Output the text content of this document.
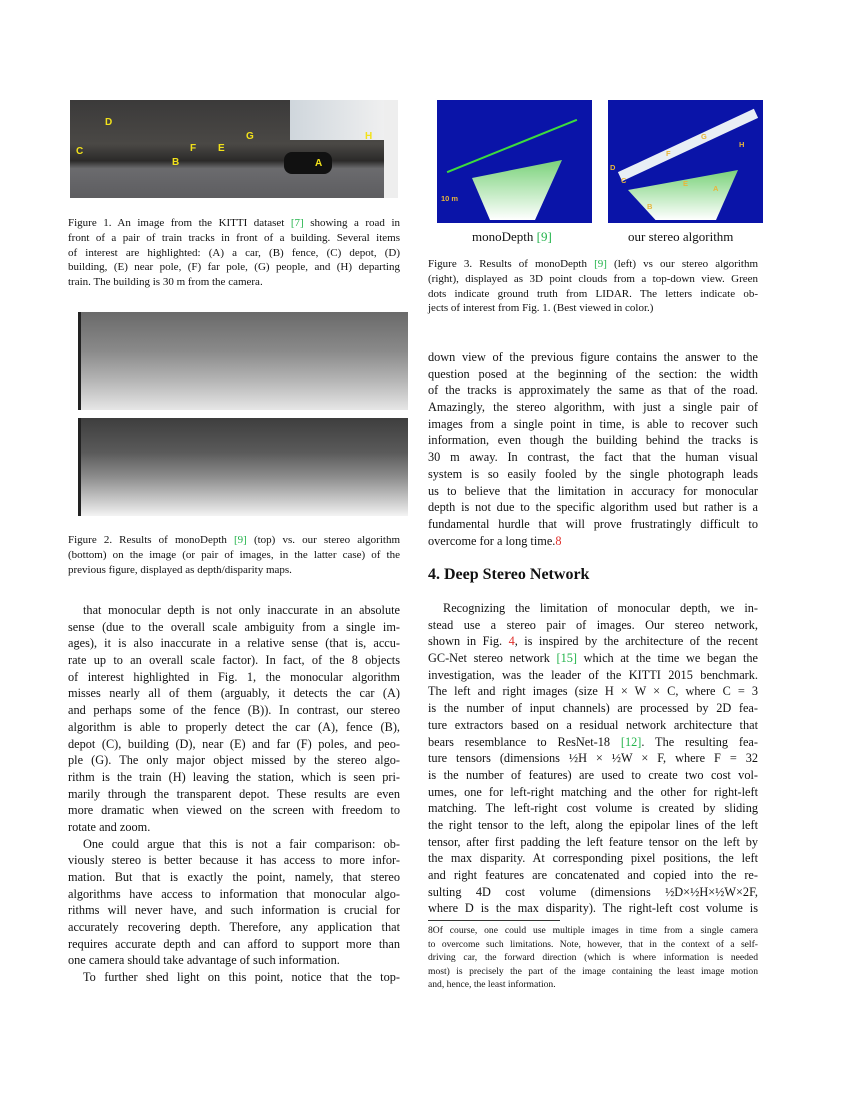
D
C
B
F E
G
A
H
Figure 1. An image from the KITTI dataset [7] showing a road in
front of a pair of train tracks in front of a building. Several items
of interest are highlighted: (A) a car, (B) fence, (C) depot, (D)
building, (E) near pole, (F) far pole, (G) people, and (H) departing
train. The building is 30 m from the camera.
Figure 2. Results of monoDepth [9] (top) vs. our stereo algorithm
(bottom) on the image (or pair of images, in the latter case) of the
previous figure, displayed as depth/disparity maps.
10 m
D
C
G
F
H
E
A
B
monoDepth [9]	our stereo algorithm
Figure 3. Results of monoDepth [9] (left) vs our stereo algorithm
(right), displayed as 3D point clouds from a top-down view. Green
dots indicate ground truth from LIDAR. The letters indicate ob-
jects of interest from Fig. 1. (Best viewed in color.)
that monocular depth is not only inaccurate in an absolute
sense (due to the overall scale ambiguity from a single im-
ages), it is also inaccurate in a relative sense (that is, accu-
rate up to an overall scale factor). In fact, of the 8 objects
of interest highlighted in Fig. 1, the monocular algorithm
misses nearly all of them (arguably, it detects the car (A)
and perhaps some of the fence (B)). In contrast, our stereo
algorithm is able to properly detect the car (A), fence (B),
depot (C), building (D), near (E) and far (F) poles, and peo-
ple (G). The only major object missed by the stereo algo-
rithm is the train (H) leaving the station, which is seen pri-
marily through the transparent depot. These results are even
more dramatic when viewed on the screen with freedom to
rotate and zoom.
One could argue that this is not a fair comparison: ob-
viously stereo is better because it has access to more infor-
mation. But that is exactly the point, namely, that stereo
algorithms have access to information that monocular algo-
rithms will never have, and such information is crucial for
accurately recovering depth. Therefore, any application that
requires accurate depth and can afford to support more than
one camera should take advantage of such information.
To further shed light on this point, notice that the top-
down view of the previous figure contains the answer to the
question posed at the beginning of the section: the width
of the tracks is approximately the same as that of the road.
Amazingly, the stereo algorithm, with just a single pair of
images from a single point in time, is able to recover such
information, even though the building behind the tracks is
30 m away. In contrast, the fact that the human visual
system is so easily fooled by the single photograph leads
us to believe that the limitation in accuracy for monocular
depth is not due to the specific algorithm used but rather is a
fundamental hurdle that will prove frustratingly difficult to
overcome for a long time.8
4. Deep Stereo Network
Recognizing the limitation of monocular depth, we in-
stead use a stereo pair of images. Our stereo network,
shown in Fig. 4, is inspired by the architecture of the recent
GC-Net stereo network [15] which at the time we began the
investigation, was the leader of the KITTI 2015 benchmark.
The left and right images (size H × W × C, where C = 3
is the number of input channels) are processed by 2D fea-
ture extractors based on a residual network architecture that
bears resemblance to ResNet-18 [12]. The resulting fea-
ture tensors (dimensions ½H × ½W × F, where F = 32
is the number of features) are used to create two cost vol-
umes, one for left-right matching and the other for right-left
matching. The left-right cost volume is created by sliding
the right tensor to the left, along the epipolar lines of the left
tensor, after first padding the left feature tensor on the left by
the max disparity. At corresponding pixel positions, the left
and right features are concatenated and copied into the re-
sulting 4D cost volume (dimensions ½D×½H×½W×2F,
where D is the max disparity). The right-left cost volume is
8Of course, one could use multiple images in time from a single camera
to overcome such limitations. Note, however, that in the context of a self-
driving car, the forward direction (which is where information is needed
most) is precisely the part of the image containing the least image motion
and, hence, the least information.
